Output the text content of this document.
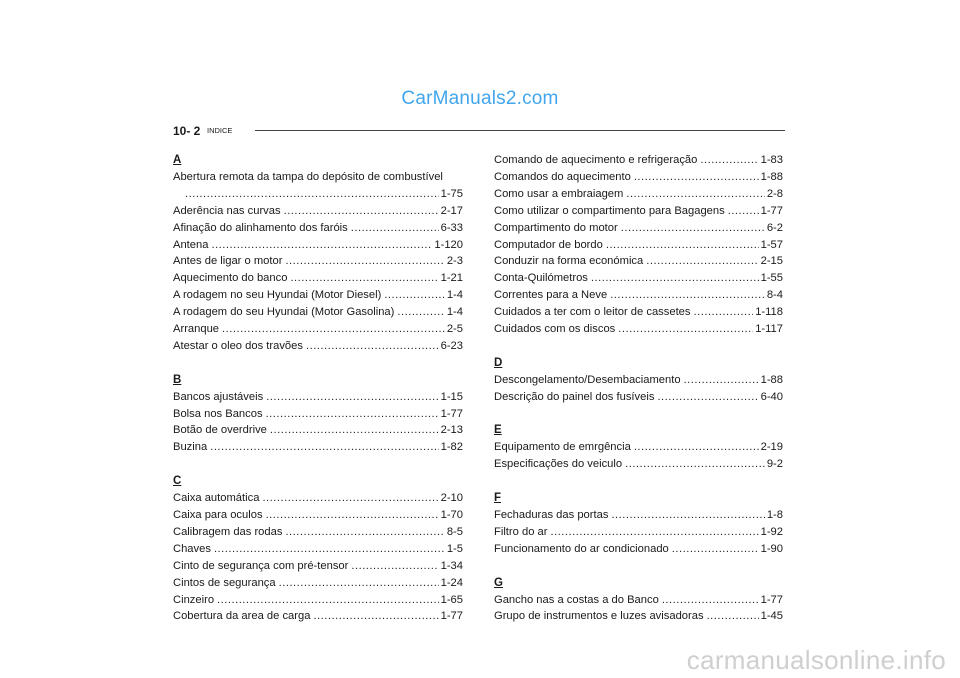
CarManuals2.com
10- 2 INDICE
A
Abertura remota da tampa do depósito de combustível
.....
1-75
Aderência nas curvas .....	2-17
Afinação do alinhamento dos faróis .....	6-33
Antena .....	1-120
Antes de ligar o motor .....	2-3
Aquecimento do banco .....	1-21
A rodagem no seu Hyundai (Motor Diesel) .....	1-4
A rodagem do seu Hyundai (Motor Gasolina) .....	1-4
Arranque .....	2-5
Atestar o oleo dos travões .....	6-23
B
Bancos ajustáveis .....	1-15
Bolsa nos Bancos .....	1-77
Botão de overdrive .....	2-13
Buzina .....	1-82
C
Caixa automática .....	2-10
Caixa para oculos .....	1-70
Calibragem das rodas .....	8-5
Chaves .....	1-5
Cinto de segurança com pré-tensor .....	1-34
Cintos de segurança .....	1-24
Cinzeiro .....	1-65
Cobertura da area de carga .....	1-77
Comando de aquecimento e refrigeração .....	1-83
Comandos do aquecimento .....	1-88
Como usar a embraiagem .....	2-8
Como utilizar o compartimento para Bagagens .....	1-77
Compartimento do motor .....	6-2
Computador de bordo .....	1-57
Conduzir na forma económica .....	2-15
Conta-Quilómetros .....	1-55
Correntes para a Neve .....	8-4
Cuidados a ter com o leitor de cassetes .....	1-118
Cuidados com os discos .....	1-117
D
Descongelamento/Desembaciamento .....	1-88
Descrição do painel dos fusíveis .....	6-40
E
Equipamento de emrgência .....	2-19
Especificações do veiculo .....	9-2
F
Fechaduras das portas .....	1-8
Filtro do ar .....	1-92
Funcionamento do ar condicionado .....	1-90
G
Gancho nas a costas a do Banco .....	1-77
Grupo de instrumentos e luzes avisadoras .....	1-45
carmanualsonline.info
